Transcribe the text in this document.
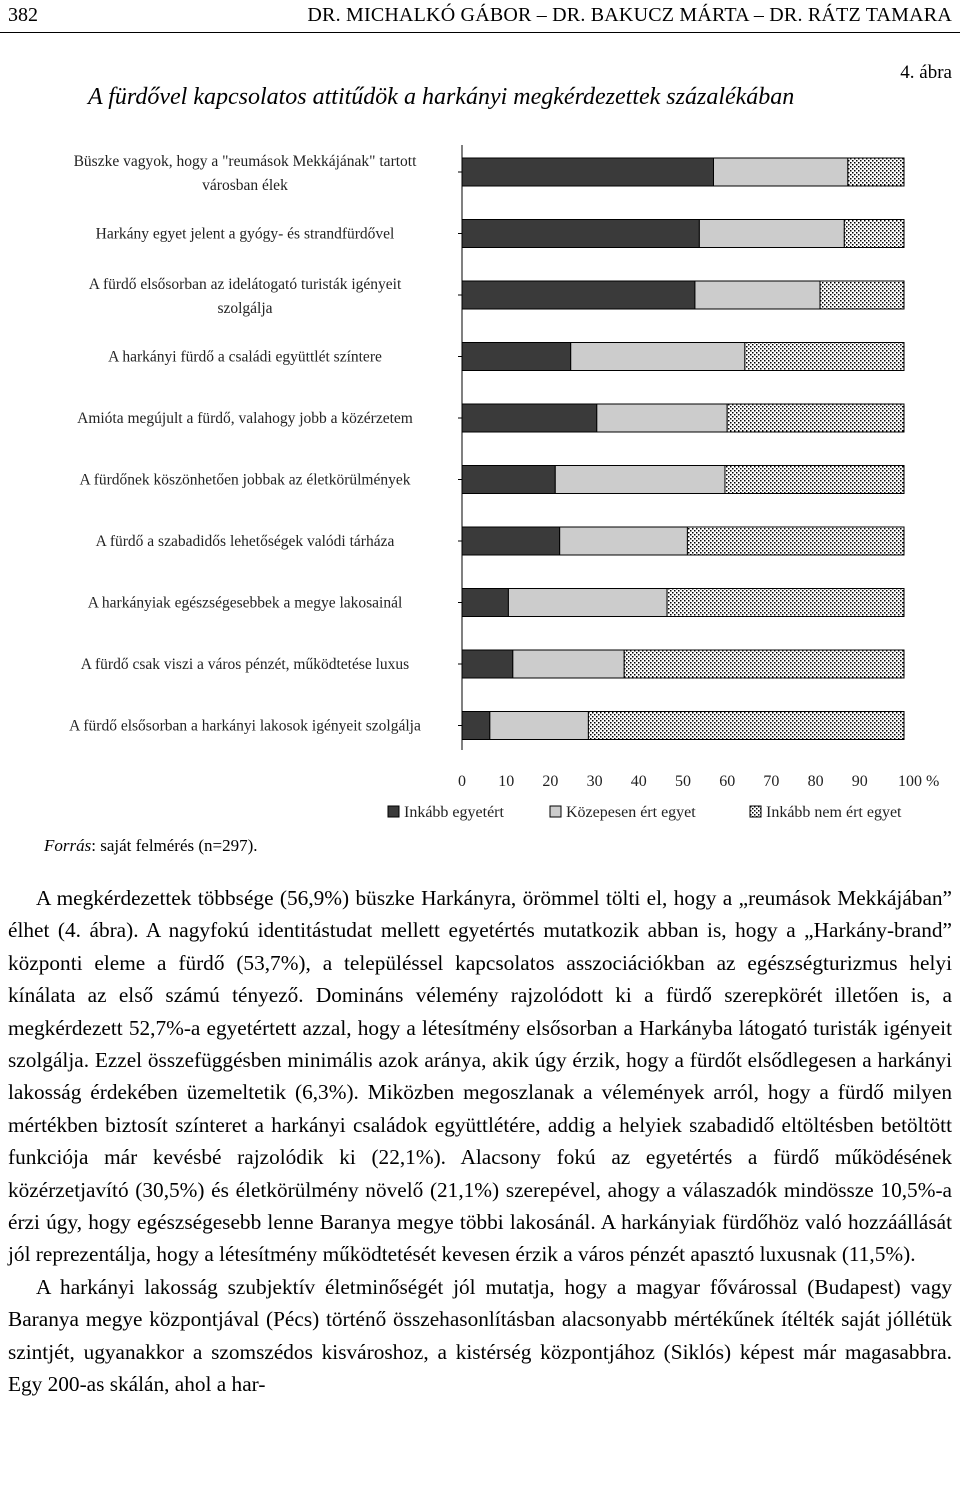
382	DR. MICHALKÓ GÁBOR – DR. BAKUCZ MÁRTA – DR. RÁTZ TAMARA
4. ábra
A fürdővel kapcsolatos attitűdök a harkányi megkérdezettek százalékában
Büszke vagyok, hogy a "reumások Mekkájának" tartott városban élek
Harkány egyet jelent a gyógy- és strandfürdővel
A fürdő elsősorban az idelátogató turisták igényeit szolgálja
A harkányi fürdő a családi együttlét színtere
Amióta megújult a fürdő, valahogy jobb a közérzetem
A fürdőnek köszönhetően jobbak az életkörülmények
A fürdő a szabadidős lehetőségek valódi tárháza
A harkányiak egészségesebbek a megye lakosainál
A fürdő csak viszi a város pénzét, működtetése luxus
A fürdő elsősorban a harkányi lakosok igényeit szolgálja
0 10 20 30 40 50 60 70 80 90 100 %
Inkább egyetért	Közepesen ért egyet	Inkább nem ért egyet
Forrás: saját felmérés (n=297).

A megkérdezettek többsége (56,9%) büszke Harkányra, örömmel tölti el, hogy a „reumások Mekkájában” élhet (4. ábra). A nagyfokú identitástudat mellett egyetértés mutatkozik abban is, hogy a „Harkány-brand” központi eleme a fürdő (53,7%), a településsel kapcsolatos asszociációkban az egészségturizmus helyi kínálata az első számú tényező. Domináns vélemény rajzolódott ki a fürdő szerepkörét illetően is, a megkérdezett 52,7%-a egyetértett azzal, hogy a létesítmény elsősorban a Harkányba látogató turisták igényeit szolgálja. Ezzel összefüggésben minimális azok aránya, akik úgy érzik, hogy a fürdőt elsődlegesen a harkányi lakosság érdekében üzemeltetik (6,3%). Miközben megoszlanak a vélemények arról, hogy a fürdő milyen mértékben biztosít színteret a harkányi családok együttlétére, addig a helyiek szabadidő eltöltésben betöltött funkciója már kevésbé rajzolódik ki (22,1%). Alacsony fokú az egyetértés a fürdő működésének közérzetjavító (30,5%) és életkörülmény növelő (21,1%) szerepével, ahogy a válaszadók mindössze 10,5%-a érzi úgy, hogy egészségesebb lenne Baranya megye többi lakosánál. A harkányiak fürdőhöz való hozzáállását jól reprezentálja, hogy a létesítmény működtetését kevesen érzik a város pénzét apasztó luxusnak (11,5%).

A harkányi lakosság szubjektív életminőségét jól mutatja, hogy a magyar fővárossal (Budapest) vagy Baranya megye központjával (Pécs) történő összehasonlításban alacsonyabb mértékűnek ítélték saját jóllétük szintjét, ugyanakkor a szomszédos kisvároshoz, a kistérség központjához (Siklós) képest már magasabbra. Egy 200-as skálán, ahol a har-
